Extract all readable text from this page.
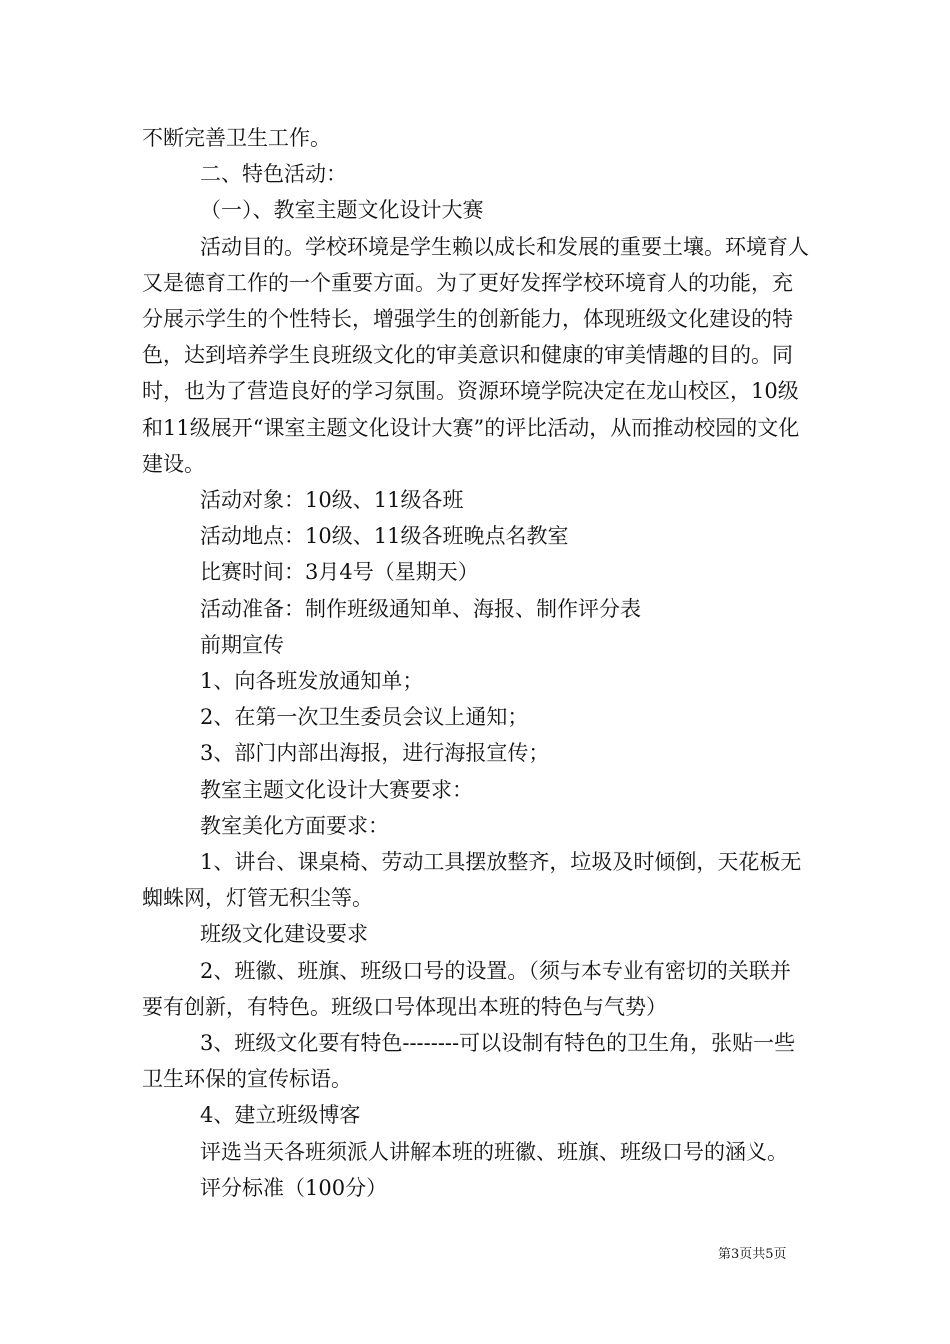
不断完善卫生工作。

二、特色活动：

（一）、教室主题文化设计大赛

活动目的。学校环境是学生赖以成长和发展的重要土壤。环境育人又是德育工作的一个重要方面。为了更好发挥学校环境育人的功能，充分展示学生的个性特长，增强学生的创新能力，体现班级文化建设的特色，达到培养学生良班级文化的审美意识和健康的审美情趣的目的。同时，也为了营造良好的学习氛围。资源环境学院决定在龙山校区，10级和11级展开“课室主题文化设计大赛”的评比活动，从而推动校园的文化建设。

活动对象：10级、11级各班

活动地点：10级、11级各班晚点名教室

比赛时间：3月4号（星期天）

活动准备：制作班级通知单、海报、制作评分表

前期宣传

1、向各班发放通知单；

2、在第一次卫生委员会议上通知；

3、部门内部出海报，进行海报宣传；

教室主题文化设计大赛要求：

教室美化方面要求：

1、讲台、课桌椅、劳动工具摆放整齐，垃圾及时倾倒，天花板无蜘蛛网，灯管无积尘等。

班级文化建设要求

2、班徽、班旗、班级口号的设置。（须与本专业有密切的关联并要有创新，有特色。班级口号体现出本班的特色与气势）

3、班级文化要有特色--------可以设制有特色的卫生角，张贴一些卫生环保的宣传标语。

4、建立班级博客

评选当天各班须派人讲解本班的班徽、班旗、班级口号的涵义。

评分标准（100分）

第3页共5页
